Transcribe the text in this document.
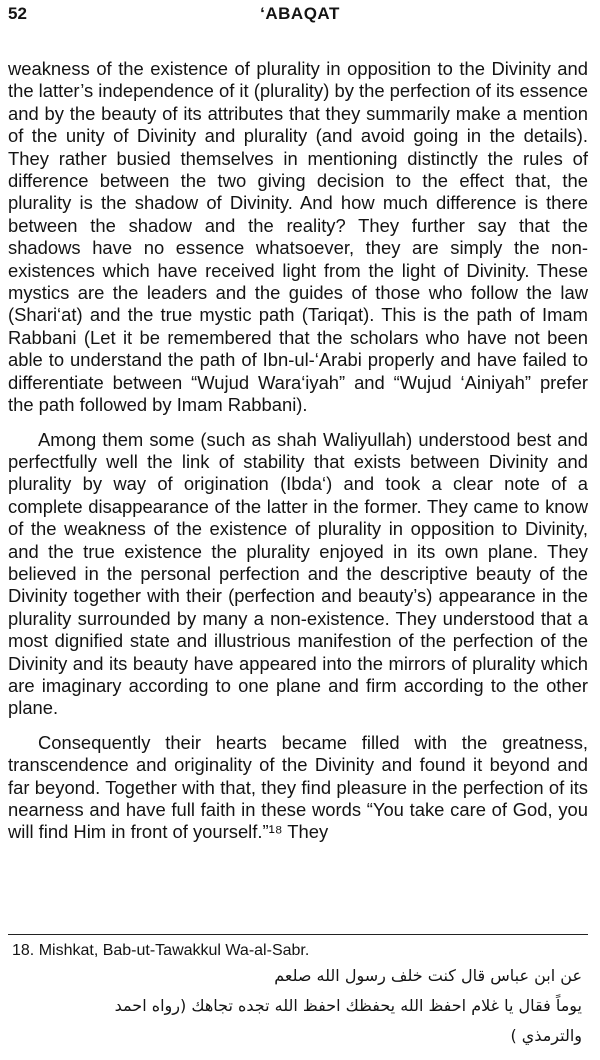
52	‘ABAQAT

weakness of the existence of plurality in opposition to the Divinity and the latter’s independence of it (plurality) by the perfection of its essence and by the beauty of its attributes that they summarily make a mention of the unity of Divinity and plurality (and avoid going in the details). They rather busied themselves in mentioning distinctly the rules of difference between the two giving decision to the effect that, the plurality is the shadow of Divinity. And how much difference is there between the shadow and the reality? They further say that the shadows have no essence whatsoever, they are simply the non-existences which have received light from the light of Divinity. These mystics are the leaders and the guides of those who follow the law (Shari‘at) and the true mystic path (Tariqat). This is the path of Imam Rabbani (Let it be remembered that the scholars who have not been able to understand the path of Ibn-ul-‘Arabi properly and have failed to differentiate between “Wujud Wara‘iyah” and “Wujud ‘Ainiyah” prefer the path followed by Imam Rabbani).

Among them some (such as shah Waliyullah) understood best and perfectfully well the link of stability that exists between Divinity and plurality by way of origination (Ibda‘) and took a clear note of a complete disappearance of the latter in the former. They came to know of the weakness of the existence of plurality in opposition to Divinity, and the true existence the plurality enjoyed in its own plane. They believed in the personal perfection and the descriptive beauty of the Divinity together with their (perfection and beauty’s) appearance in the plurality surrounded by many a non-existence. They understood that a most dignified state and illustrious manifestion of the perfection of the Divinity and its beauty have appeared into the mirrors of plurality which are imaginary according to one plane and firm according to the other plane.

Consequently their hearts became filled with the greatness, transcendence and originality of the Divinity and found it beyond and far beyond. Together with that, they find pleasure in the perfection of its nearness and have full faith in these words “You take care of God, you will find Him in front of yourself.”¹⁸ They

18. Mishkat, Bab-ut-Tawakkul Wa-al-Sabr.
عن ابن عباس قال كنت خلف رسول الله صلعم
يوماً فقال يا غلام احفظ الله يحفظك احفظ الله تجده تجاهك (رواه احمد
والترمذي )
